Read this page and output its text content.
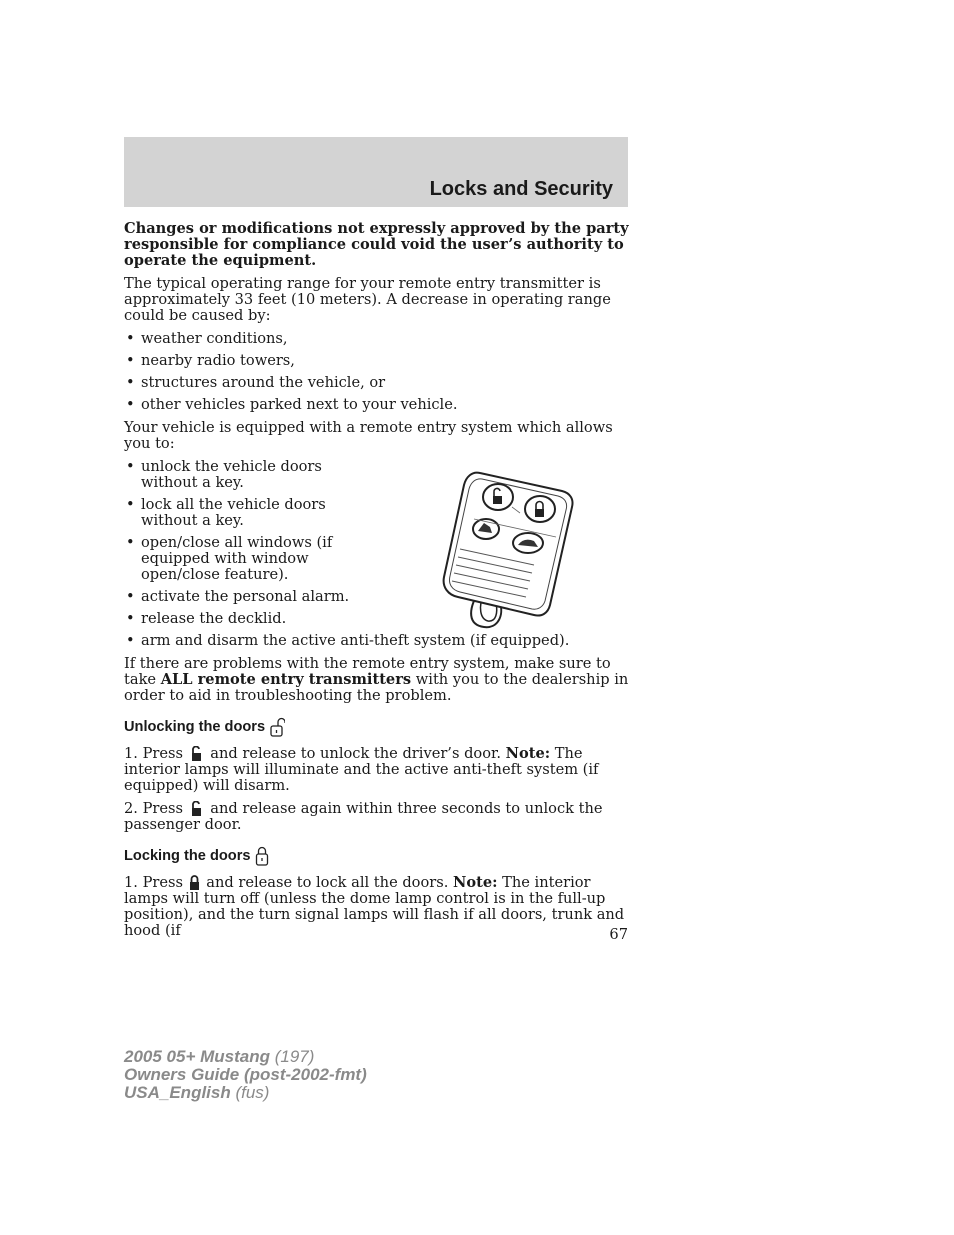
Locks and Security

Changes or modifications not expressly approved by the party responsible for compliance could void the user’s authority to operate the equipment.

The typical operating range for your remote entry transmitter is approximately 33 feet (10 meters). A decrease in operating range could be caused by:

• weather conditions,
• nearby radio towers,
• structures around the vehicle, or
• other vehicles parked next to your vehicle.

Your vehicle is equipped with a remote entry system which allows you to:

• unlock the vehicle doors without a key.
• lock all the vehicle doors without a key.
• open/close all windows (if equipped with window open/close feature).
• activate the personal alarm.
• release the decklid.
• arm and disarm the active anti-theft system (if equipped).

If there are problems with the remote entry system, make sure to take ALL remote entry transmitters with you to the dealership in order to aid in troubleshooting the problem.

Unlocking the doors

1. Press  and release to unlock the driver’s door. Note: The interior lamps will illuminate and the active anti-theft system (if equipped) will disarm.

2. Press  and release again within three seconds to unlock the passenger door.

Locking the doors

1. Press  and release to lock all the doors. Note: The interior lamps will turn off (unless the dome lamp control is in the full-up position), and the turn signal lamps will flash if all doors, trunk and hood (if	67
2005 05+ Mustang (197)
Owners Guide (post-2002-fmt)
USA_English (fus)
